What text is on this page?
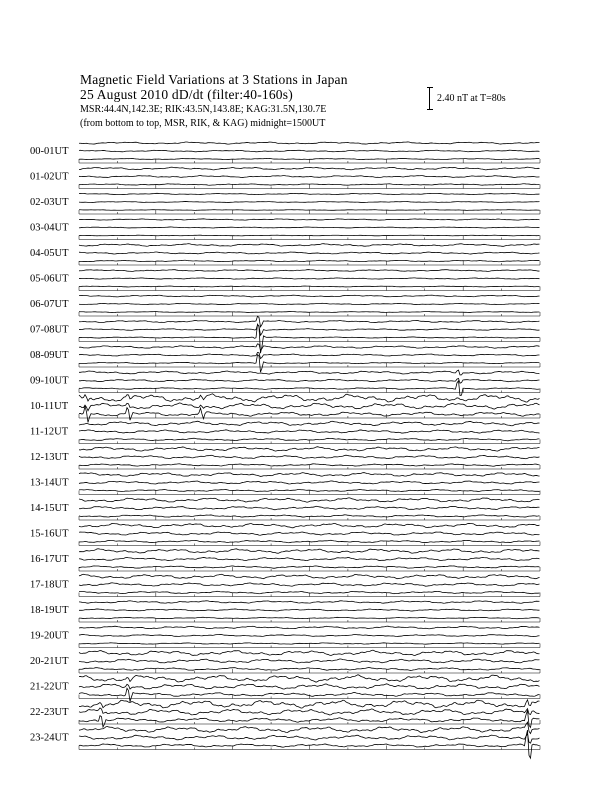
Magnetic Field Variations at 3 Stations in Japan
25 August 2010 dD/dt (filter:40-160s)
MSR:44.4N,142.3E; RIK:43.5N,143.8E; KAG:31.5N,130.7E
(from bottom to top, MSR, RIK, & KAG) midnight=1500UT
2.40 nT at T=80s
00-01UT
01-02UT
02-03UT
03-04UT
04-05UT
05-06UT
06-07UT
07-08UT
08-09UT
09-10UT
10-11UT
11-12UT
12-13UT
13-14UT
14-15UT
15-16UT
16-17UT
17-18UT
18-19UT
19-20UT
20-21UT
21-22UT
22-23UT
23-24UT
